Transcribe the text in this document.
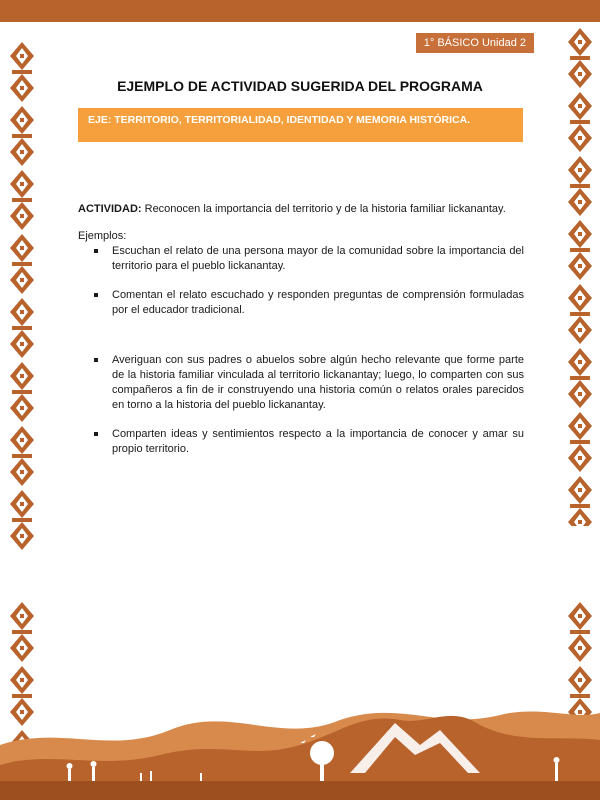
1° BÁSICO Unidad 2
EJEMPLO DE ACTIVIDAD SUGERIDA DEL PROGRAMA
EJE: TERRITORIO, TERRITORIALIDAD, IDENTIDAD Y MEMORIA HISTÓRICA.
ACTIVIDAD: Reconocen la importancia del territorio y de la historia familiar lickanantay.
Ejemplos:
Escuchan el relato de una persona mayor de la comunidad sobre la importancia del territorio para el pueblo lickanantay.
Comentan el relato escuchado y responden preguntas de comprensión formuladas por el educador tradicional.
Averiguan con sus padres o abuelos sobre algún hecho relevante que forme parte de la historia familiar vinculada al territorio lickanantay; luego, lo comparten con sus compañeros a fin de ir construyendo una historia común o relatos orales parecidos en torno a la historia del pueblo lickanantay.
Comparten ideas y sentimientos respecto a la importancia de conocer y amar su propio territorio.
